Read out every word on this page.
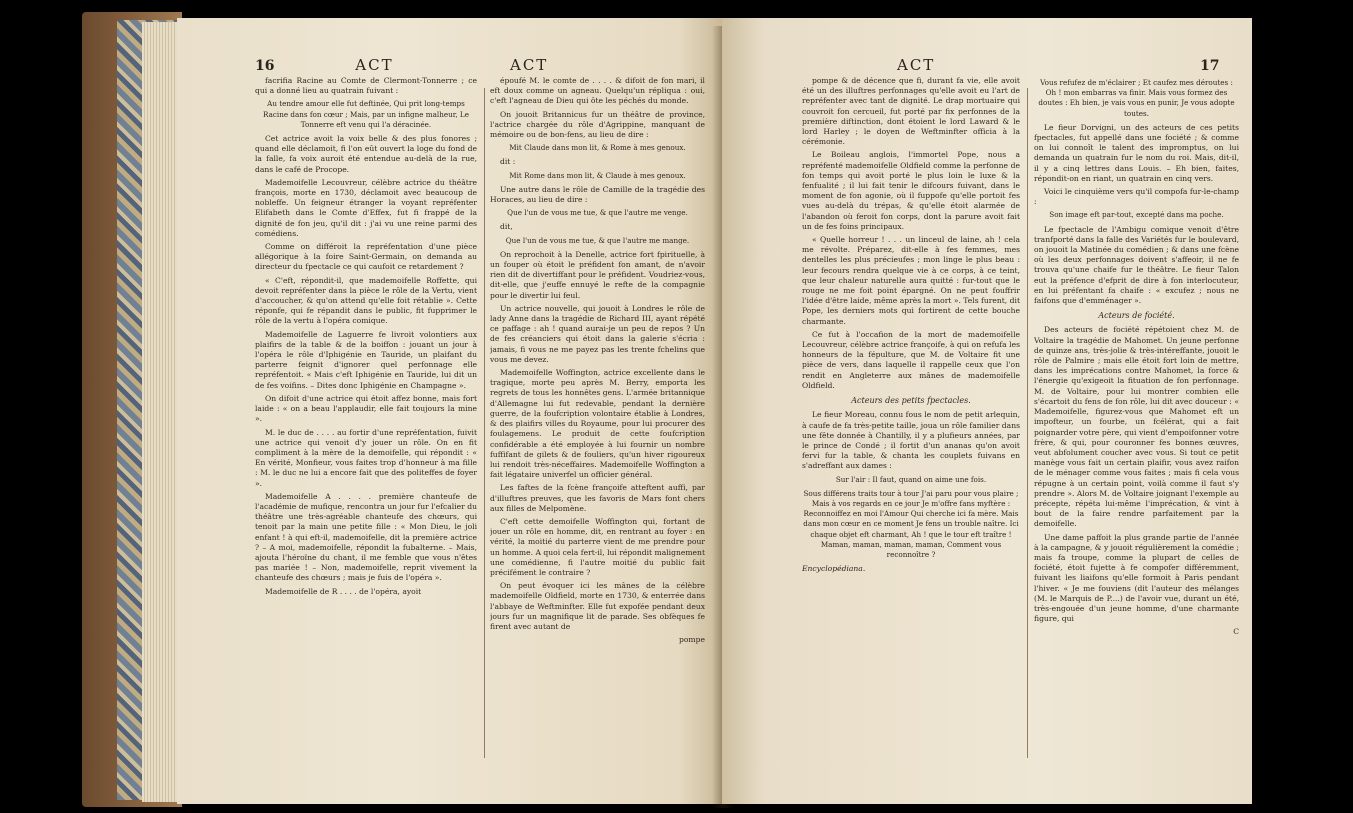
16	ACT	ACT

facrifia Racine au Comte de Clermont-Tonnerre ; ce qui a donné lieu au quatrain fuivant :

Au tendre amour elle fut deftinée, Qui prit long-temps Racine dans fon cœur ; Mais, par un infigne malheur, Le Tonnerre eft venu qui l'a déracinée.

Cet actrice avoit la voix belle & des plus fonores ; quand elle déclamoit, fi l'on eût ouvert la loge du fond de la falle, fa voix auroit été entendue au-delà de la rue, dans le café de Procope.

Mademoifelle Lecouvreur, célèbre actrice du théâtre françois, morte en 1730, déclamoit avec beaucoup de nobleffe. Un feigneur étranger la voyant repréfenter Elifabeth dans le Comte d'Effex, fut fi frappé de la dignité de fon jeu, qu'il dit : j'ai vu une reine parmi des comédiens.

Comme on différoit la repréfentation d'une pièce allégorique à la foire Saint-Germain, on demanda au directeur du fpectacle ce qui caufoit ce retardement ?

« C'eft, répondit-il, que mademoifelle Roffette, qui devoit repréfenter dans la pièce le rôle de la Vertu, vient d'accoucher, & qu'on attend qu'elle foit rétablie ». Cette réponfe, qui fe répandit dans le public, fit fupprimer le rôle de la vertu à l'opéra comique.

Mademoifelle de Laguerre fe livroit volontiers aux plaifirs de la table & de la boiffon : jouant un jour à l'opéra le rôle d'Iphigénie en Tauride, un plaifant du parterre feignit d'ignorer quel perfonnage elle repréfentoit. « Mais c'eft Iphigénie en Tauride, lui dit un de fes voifins. – Dites donc Iphigénie en Champagne ».

On difoit d'une actrice qui étoit affez bonne, mais fort laide : « on a beau l'applaudir, elle fait toujours la mine ».

M. le duc de . . . . au fortir d'une repréfentation, fuivit une actrice qui venoit d'y jouer un rôle. On en fit compliment à la mère de la demoifelle, qui répondit : « En vérité, Monfieur, vous faites trop d'honneur à ma fille : M. le duc ne lui a encore fait que des politeffes de foyer ».

Mademoifelle A . . . . première chanteufe de l'académie de mufique, rencontra un jour fur l'efcalier du théâtre une très-agréable chanteufe des chœurs, qui tenoit par la main une petite fille : « Mon Dieu, le joli enfant ! à qui eft-il, mademoifelle, dit la première actrice ? – A moi, mademoifelle, répondit la fubalterne. – Mais, ajouta l'héroïne du chant, il me femble que vous n'êtes pas mariée ! – Non, mademoifelle, reprit vivement la chanteufe des chœurs ; mais je fuis de l'opéra ».

Mademoifelle de R . . . . de l'opéra, ayoit

époufé M. le comte de . . . . & difoit de fon mari, il eft doux comme un agneau. Quelqu'un répliqua : oui, c'eft l'agneau de Dieu qui ôte les péchés du monde.

On jouoit Britannicus fur un théâtre de province, l'actrice chargée du rôle d'Agrippine, manquant de mémoire ou de bon-fens, au lieu de dire :

Mit Claude dans mon lit, & Rome à mes genoux.

dit :

Mit Rome dans mon lit, & Claude à mes genoux.

Une autre dans le rôle de Camille de la tragédie des Horaces, au lieu de dire :

Que l'un de vous me tue, & que l'autre me venge.

dit,

Que l'un de vous me tue, & que l'autre me mange.

On reprochoit à la Denelle, actrice fort fpirituelle, à un fouper où étoit le préfident fon amant, de n'avoir rien dit de divertiffant pour le préfident. Voudriez-vous, dit-elle, que j'euffe ennuyé le refte de la compagnie pour le divertir lui feul.

Un actrice nouvelle, qui jouoit à Londres le rôle de lady Anne dans la tragédie de Richard III, ayant répété ce paffage : ah ! quand aurai-je un peu de repos ? Un de fes créanciers qui étoit dans la galerie s'écria : jamais, fi vous ne me payez pas les trente fchelins que vous me devez.

Mademoifelle Woffington, actrice excellente dans le tragique, morte peu après M. Berry, emporta les regrets de tous les honnêtes gens. L'armée britannique d'Allemagne lui fut redevable, pendant la dernière guerre, de la foufcription volontaire établie à Londres, & des plaifirs villes du Royaume, pour lui procurer des foulagemens. Le produit de cette foufcription confidérable a été employée à lui fournir un nombre fuffifant de gilets & de fouliers, qu'un hiver rigoureux lui rendoit très-néceffaires. Mademoifelle Woffington a fait légataire univerfel un officier général.

Les faftes de la fcène françoife atteftent auffi, par d'illuftres preuves, que les favoris de Mars font chers aux filles de Melpomène.

C'eft cette demoifelle Woffington qui, fortant de jouer un rôle en homme, dit, en rentrant au foyer : en vérité, la moitié du parterre vient de me prendre pour un homme. A quoi cela fert-il, lui répondit malignement une comédienne, fi l'autre moitié du public fait précifément le contraire ?

On peut évoquer ici les mânes de la célèbre mademoifelle Oldfield, morte en 1730, & enterrée dans l'abbaye de Weftminfter. Elle fut expofée pendant deux jours fur un magnifique lit de parade. Ses obfèques fe firent avec autant de

pompe

ACT	17

pompe & de décence que fi, durant fa vie, elle avoit été un des illuftres perfonnages qu'elle avoit eu l'art de repréfenter avec tant de dignité. Le drap mortuaire qui couvroit fon cercueil, fut porté par fix perfonnes de la première diftinction, dont étoient le lord Laward & le lord Harley ; le doyen de Weftminfter officia à la cérémonie.

Le Boileau anglois, l'immortel Pope, nous a repréfenté mademoifelle Oldfield comme la perfonne de fon temps qui avoit porté le plus loin le luxe & la fenfualité ; il lui fait tenir le difcours fuivant, dans le moment de fon agonie, où il fuppofe qu'elle portoit fes vues au-delà du trépas, & qu'elle étoit alarmée de l'abandon où feroit fon corps, dont la parure avoit fait un de fes foins principaux.

« Quelle horreur ! . . . un linceul de laine, ah ! cela me révolte. Préparez, dit-elle à fes femmes, mes dentelles les plus précieufes ; mon linge le plus beau : leur fecours rendra quelque vie à ce corps, à ce teint, que leur chaleur naturelle aura quitté : fur-tout que le rouge ne me foit point épargné. On ne peut fouffrir l'idée d'être laide, même après la mort ». Tels furent, dit Pope, les derniers mots qui fortirent de cette bouche charmante.

Ce fut à l'occafion de la mort de mademoifelle Lecouvreur, célèbre actrice françoife, à qui on refufa les honneurs de la fépulture, que M. de Voltaire fit une pièce de vers, dans laquelle il rappelle ceux que l'on rendit en Angleterre aux mânes de mademoifelle Oldfield.

Acteurs des petits fpectacles.

Le fieur Moreau, connu fous le nom de petit arlequin, à caufe de fa très-petite taille, joua un rôle familier dans une fête donnée à Chantilly, il y a plufieurs années, par le prince de Condé ; il fortit d'un ananas qu'on avoit fervi fur la table, & chanta les couplets fuivans en s'adreffant aux dames :

Sur l'air : Il faut, quand on aime une fois.

Sous différens traits tour à tour J'ai paru pour vous plaire ; Mais à vos regards en ce jour Je m'offre fans myftère : Reconnoiffez en moi l'Amour Qui cherche ici fa mère. Mais dans mon cœur en ce moment Je fens un trouble naître. Ici chaque objet eft charmant, Ah ! que le tour eft traître ! Maman, maman, maman, maman, Comment vous reconnoître ?

Encyclopédiana.

Vous refufez de m'éclairer ; Et caufez mes déroutes : Oh ! mon embarras va finir. Mais vous formez des doutes : Eh bien, je vais vous en punir, Je vous adopte toutes.

Le fieur Dorvigni, un des acteurs de ces petits fpectacles, fut appellé dans une fociété ; & comme on lui connoît le talent des impromptus, on lui demanda un quatrain fur le nom du roi. Mais, dit-il, il y a cinq lettres dans Louis. – Eh bien, faites, répondit-on en riant, un quatrain en cinq vers.

Voici le cinquième vers qu'il compofa fur-le-champ :

Son image eft par-tout, excepté dans ma poche.

Le fpectacle de l'Ambigu comique venoit d'être tranfporté dans la falle des Variétés fur le boulevard, on jouoit la Matinée du comédien ; & dans une fcène où les deux perfonnages doivent s'affeoir, il ne fe trouva qu'une chaife fur le théâtre. Le fieur Talon eut la préfence d'efprit de dire à fon interlocuteur, en lui préfentant fa chaife : « excufez ; nous ne faifons que d'emménager ».

Acteurs de fociété.

Des acteurs de fociété répétoient chez M. de Voltaire la tragédie de Mahomet. Un jeune perfonne de quinze ans, très-jolie & très-intéreffante, jouoit le rôle de Palmire ; mais elle étoit fort loin de mettre, dans les imprécations contre Mahomet, la force & l'énergie qu'exigeoit la fituation de fon perfonnage. M. de Voltaire, pour lui montrer combien elle s'écartoit du fens de fon rôle, lui dit avec douceur : « Mademoifelle, figurez-vous que Mahomet eft un impofteur, un fourbe, un fcélérat, qui a fait poignarder votre père, qui vient d'empoifonner votre frère, & qui, pour couronner fes bonnes œuvres, veut abfolument coucher avec vous. Si tout ce petit manège vous fait un certain plaifir, vous avez raifon de le ménager comme vous faites ; mais fi cela vous répugne à un certain point, voilà comme il faut s'y prendre ». Alors M. de Voltaire joignant l'exemple au précepte, répéta lui-même l'imprécation, & vint à bout de la faire rendre parfaitement par la demoifelle.

Une dame paffoit la plus grande partie de l'année à la campagne, & y jouoit régulièrement la comédie ; mais fa troupe, comme la plupart de celles de fociété, étoit fujette à fe compofer différemment, fuivant les liaifons qu'elle formoit à Paris pendant l'hiver. « Je me fouviens (dit l'auteur des mélanges (M. le Marquis de P....) de l'avoir vue, durant un été, très-engouée d'un jeune homme, d'une charmante figure, qui

C
